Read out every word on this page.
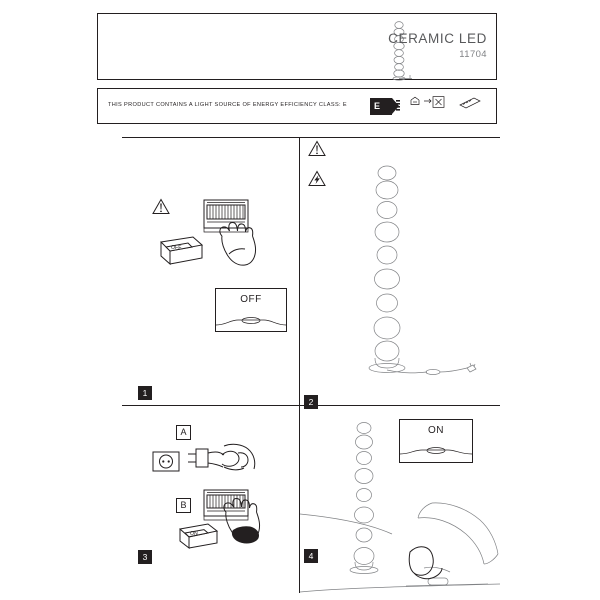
CERAMIC LED
11704
THIS PRODUCT CONTAINS A LIGHT SOURCE OF ENERGY EFFICIENCY CLASS: E	E
1
OFF
OFF
2
3
A
B
ON
4
ON
